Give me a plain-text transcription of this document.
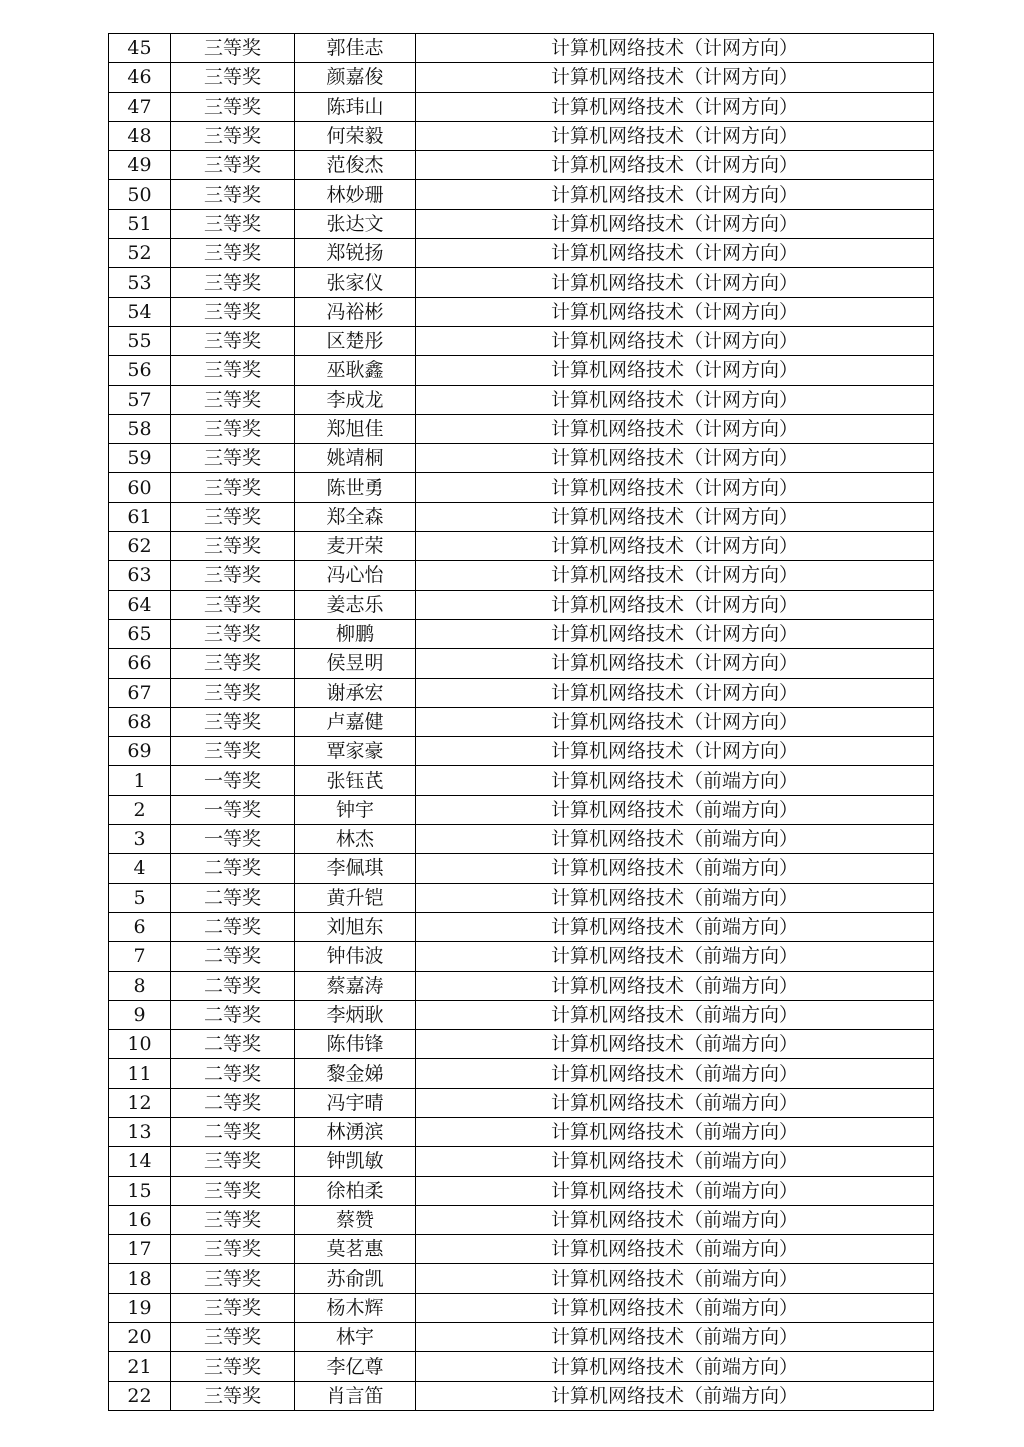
45	三等奖	郭佳志	计算机网络技术（计网方向）
46	三等奖	颜嘉俊	计算机网络技术（计网方向）
47	三等奖	陈玮山	计算机网络技术（计网方向）
48	三等奖	何荣毅	计算机网络技术（计网方向）
49	三等奖	范俊杰	计算机网络技术（计网方向）
50	三等奖	林妙珊	计算机网络技术（计网方向）
51	三等奖	张达文	计算机网络技术（计网方向）
52	三等奖	郑锐扬	计算机网络技术（计网方向）
53	三等奖	张家仪	计算机网络技术（计网方向）
54	三等奖	冯裕彬	计算机网络技术（计网方向）
55	三等奖	区楚彤	计算机网络技术（计网方向）
56	三等奖	巫耿鑫	计算机网络技术（计网方向）
57	三等奖	李成龙	计算机网络技术（计网方向）
58	三等奖	郑旭佳	计算机网络技术（计网方向）
59	三等奖	姚靖桐	计算机网络技术（计网方向）
60	三等奖	陈世勇	计算机网络技术（计网方向）
61	三等奖	郑全森	计算机网络技术（计网方向）
62	三等奖	麦开荣	计算机网络技术（计网方向）
63	三等奖	冯心怡	计算机网络技术（计网方向）
64	三等奖	姜志乐	计算机网络技术（计网方向）
65	三等奖	柳鹏	计算机网络技术（计网方向）
66	三等奖	侯昱明	计算机网络技术（计网方向）
67	三等奖	谢承宏	计算机网络技术（计网方向）
68	三等奖	卢嘉健	计算机网络技术（计网方向）
69	三等奖	覃家豪	计算机网络技术（计网方向）
1	一等奖	张钰芪	计算机网络技术（前端方向）
2	一等奖	钟宇	计算机网络技术（前端方向）
3	一等奖	林杰	计算机网络技术（前端方向）
4	二等奖	李佩琪	计算机网络技术（前端方向）
5	二等奖	黄升铠	计算机网络技术（前端方向）
6	二等奖	刘旭东	计算机网络技术（前端方向）
7	二等奖	钟伟波	计算机网络技术（前端方向）
8	二等奖	蔡嘉涛	计算机网络技术（前端方向）
9	二等奖	李炳耿	计算机网络技术（前端方向）
10	二等奖	陈伟锋	计算机网络技术（前端方向）
11	二等奖	黎金娣	计算机网络技术（前端方向）
12	二等奖	冯宇晴	计算机网络技术（前端方向）
13	二等奖	林湧滨	计算机网络技术（前端方向）
14	三等奖	钟凯敏	计算机网络技术（前端方向）
15	三等奖	徐柏柔	计算机网络技术（前端方向）
16	三等奖	蔡赞	计算机网络技术（前端方向）
17	三等奖	莫茗惠	计算机网络技术（前端方向）
18	三等奖	苏俞凯	计算机网络技术（前端方向）
19	三等奖	杨木辉	计算机网络技术（前端方向）
20	三等奖	林宇	计算机网络技术（前端方向）
21	三等奖	李亿尊	计算机网络技术（前端方向）
22	三等奖	肖言笛	计算机网络技术（前端方向）
